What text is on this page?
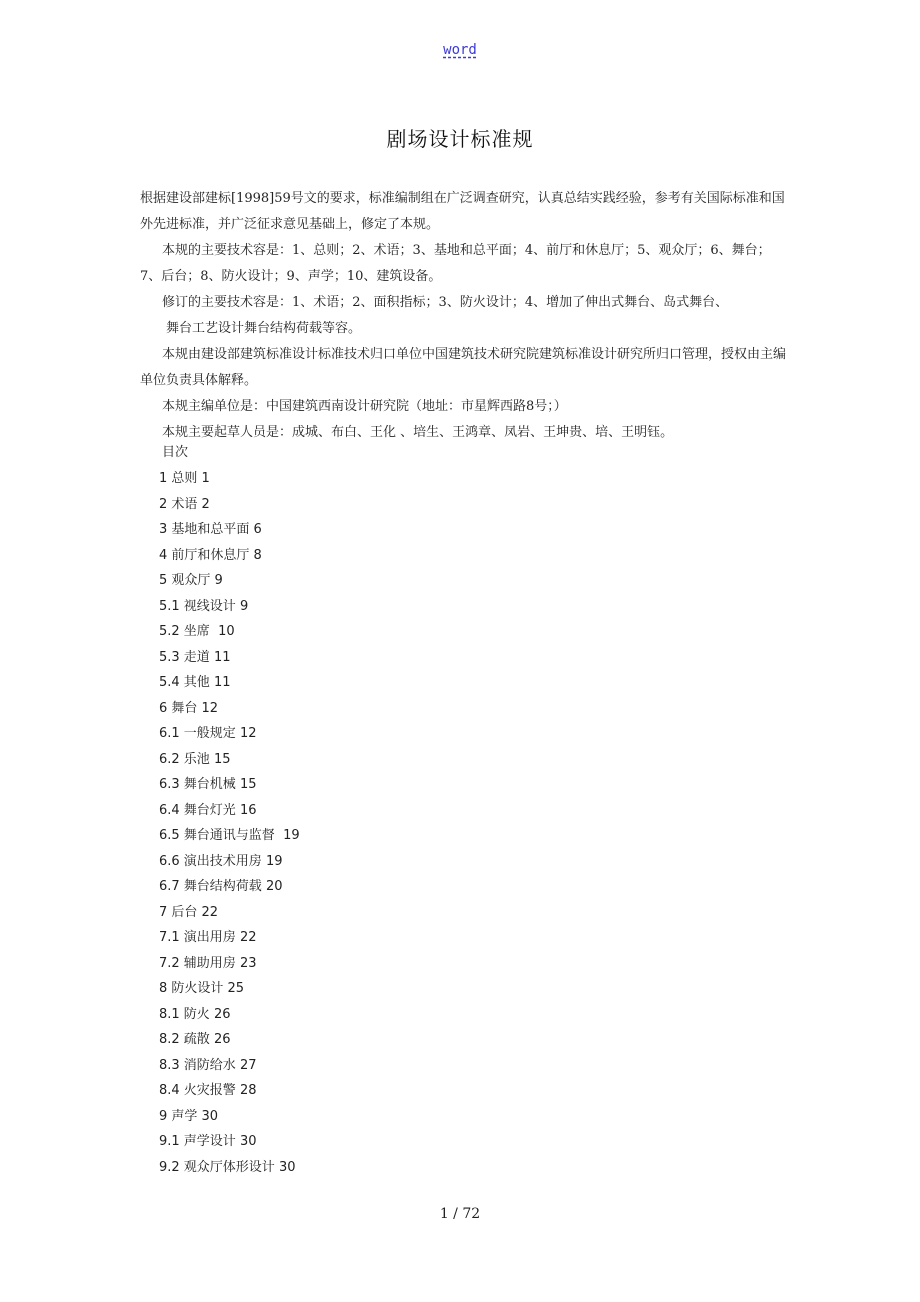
word
剧场设计标准规

根据建设部建标[1998]59号文的要求，标准编制组在广泛调查研究，认真总结实践经验，参考有关国际标准和国外先进标准，并广泛征求意见基础上，修定了本规。

本规的主要技术容是：1、总则；2、术语；3、基地和总平面；4、前厅和休息厅；5、观众厅；6、舞台；7、后台；8、防火设计；9、声学；10、建筑设备。

修订的主要技术容是：1、术语；2、面积指标；3、防火设计；4、增加了伸出式舞台、岛式舞台、

舞台工艺设计舞台结构荷载等容。

本规由建设部建筑标准设计标准技术归口单位中国建筑技术研究院建筑标准设计研究所归口管理，授权由主编单位负责具体解释。

本规主编单位是：中国建筑西南设计研究院（地址：市星辉西路8号；）

本规主要起草人员是：成城、布白、王化 、培生、王鸿章、凤岩、王坤贵、培、王明钰。

目次
1 总则 1
2 术语 2
3 基地和总平面 6
4 前厅和休息厅 8
5 观众厅 9
5.1 视线设计 9
5.2 坐席  10
5.3 走道 11
5.4 其他 11
6 舞台 12
6.1 一般规定 12
6.2 乐池 15
6.3 舞台机械 15
6.4 舞台灯光 16
6.5 舞台通讯与监督  19
6.6 演出技术用房 19
6.7 舞台结构荷载 20
7 后台 22
7.1 演出用房 22
7.2 辅助用房 23
8 防火设计 25
8.1 防火 26
8.2 疏散 26
8.3 消防给水 27
8.4 火灾报警 28
9 声学 30
9.1 声学设计 30
9.2 观众厅体形设计 30
1 / 72
